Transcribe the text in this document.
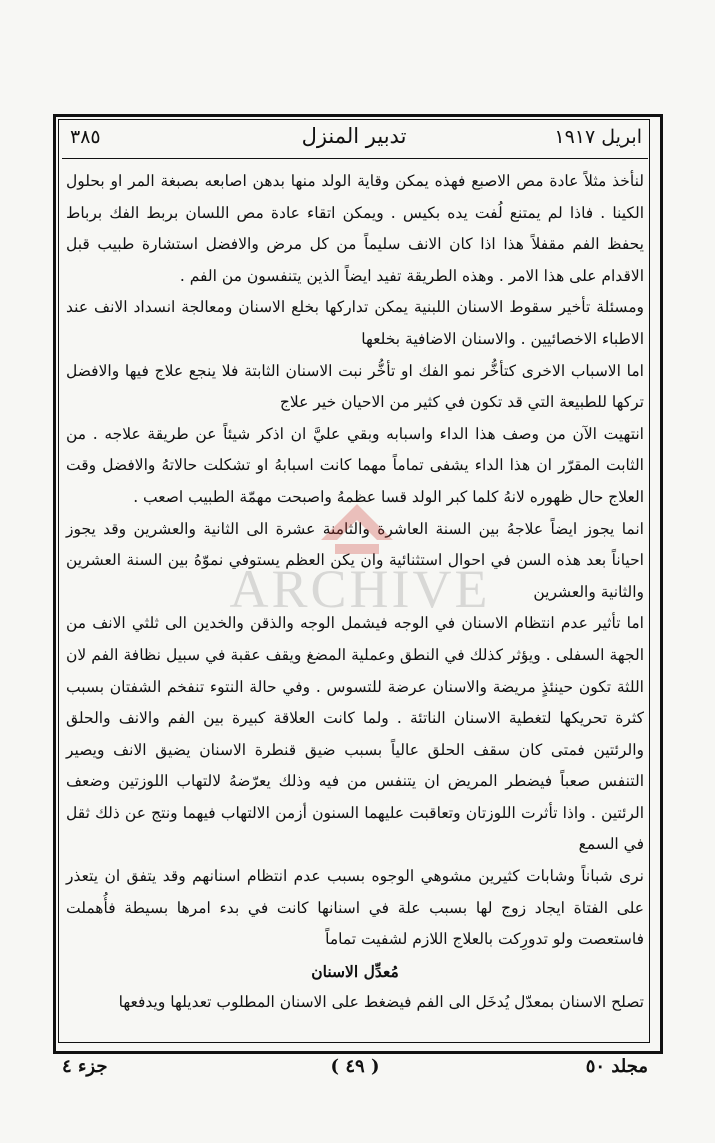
ابريل ١٩١٧
تدبير المنزل
٣٨٥

لنأخذ مثلاً عادة مص الاصبع فهذه يمكن وقاية الولد منها بدهن اصابعه بصبغة المر او بحلول الكينا . فاذا لم يمتنع لُفت يده بكيس . ويمكن اتقاء عادة مص اللسان بربط الفك برباط يحفظ الفم مقفلاً هذا اذا كان الانف سليماً من كل مرض والافضل استشارة طبيب قبل الاقدام على هذا الامر . وهذه الطريقة تفيد ايضاً الذين يتنفسون من الفم .

ومسئلة تأخير سقوط الاسنان اللبنية يمكن تداركها بخلع الاسنان ومعالجة انسداد الانف عند الاطباء الاخصائيين . والاسنان الاضافية بخلعها

اما الاسباب الاخرى كتأخُّر نمو الفك او تأخُّر نبت الاسنان الثابتة فلا ينجع علاج فيها والافضل تركها للطبيعة التي قد تكون في كثير من الاحيان خير علاج

انتهيت الآن من وصف هذا الداء واسبابه وبقي عليَّ ان اذكر شيئاً عن طريقة علاجه . من الثابت المقرّر ان هذا الداء يشفى تماماً مهما كانت اسبابهُ او تشكلت حالاتهُ والافضل وقت العلاج حال ظهوره لانهُ كلما كبر الولد قسا عظمهُ واصبحت مهمّة الطبيب اصعب .

انما يجوز ايضاً علاجهُ بين السنة العاشرة والثامنة عشرة الى الثانية والعشرين وقد يجوز احياناً بعد هذه السن في احوال استثنائية وان يكن العظم يستوفي نموّهُ بين السنة العشرين والثانية والعشرين

اما تأثير عدم انتظام الاسنان في الوجه فيشمل الوجه والذقن والخدين الى ثلثي الانف من الجهة السفلى . ويؤثر كذلك في النطق وعملية المضغ ويقف عقبة في سبيل نظافة الفم لان اللثة تكون حينئذٍ مريضة والاسنان عرضة للتسوس . وفي حالة النتوء تنفخم الشفتان بسبب كثرة تحريكها لتغطية الاسنان الناتئة . ولما كانت العلاقة كبيرة بين الفم والانف والحلق والرئتين فمتى كان سقف الحلق عالياً بسبب ضيق قنطرة الاسنان يضيق الانف ويصير التنفس صعباً فيضطر المريض ان يتنفس من فيه وذلك يعرّضهُ لالتهاب اللوزتين وضعف الرئتين . واذا تأثرت اللوزتان وتعاقبت عليهما السنون أزمن الالتهاب فيهما ونتج عن ذلك ثقل في السمع

نرى شباناً وشابات كثيرين مشوهي الوجوه بسبب عدم انتظام اسنانهم وقد يتفق ان يتعذر على الفتاة ايجاد زوج لها بسبب علة في اسنانها كانت في بدء امرها بسيطة فأُهملت فاستعصت ولو تدورِكت بالعلاج اللازم لشفيت تماماً

مُعدِّل الاسنان

تصلح الاسنان بمعدّل يُدخَل الى الفم فيضغط على الاسنان المطلوب تعديلها ويدفعها

مجلد ٥٠
( ٤٩ )
جزء ٤
ARCHIVE
